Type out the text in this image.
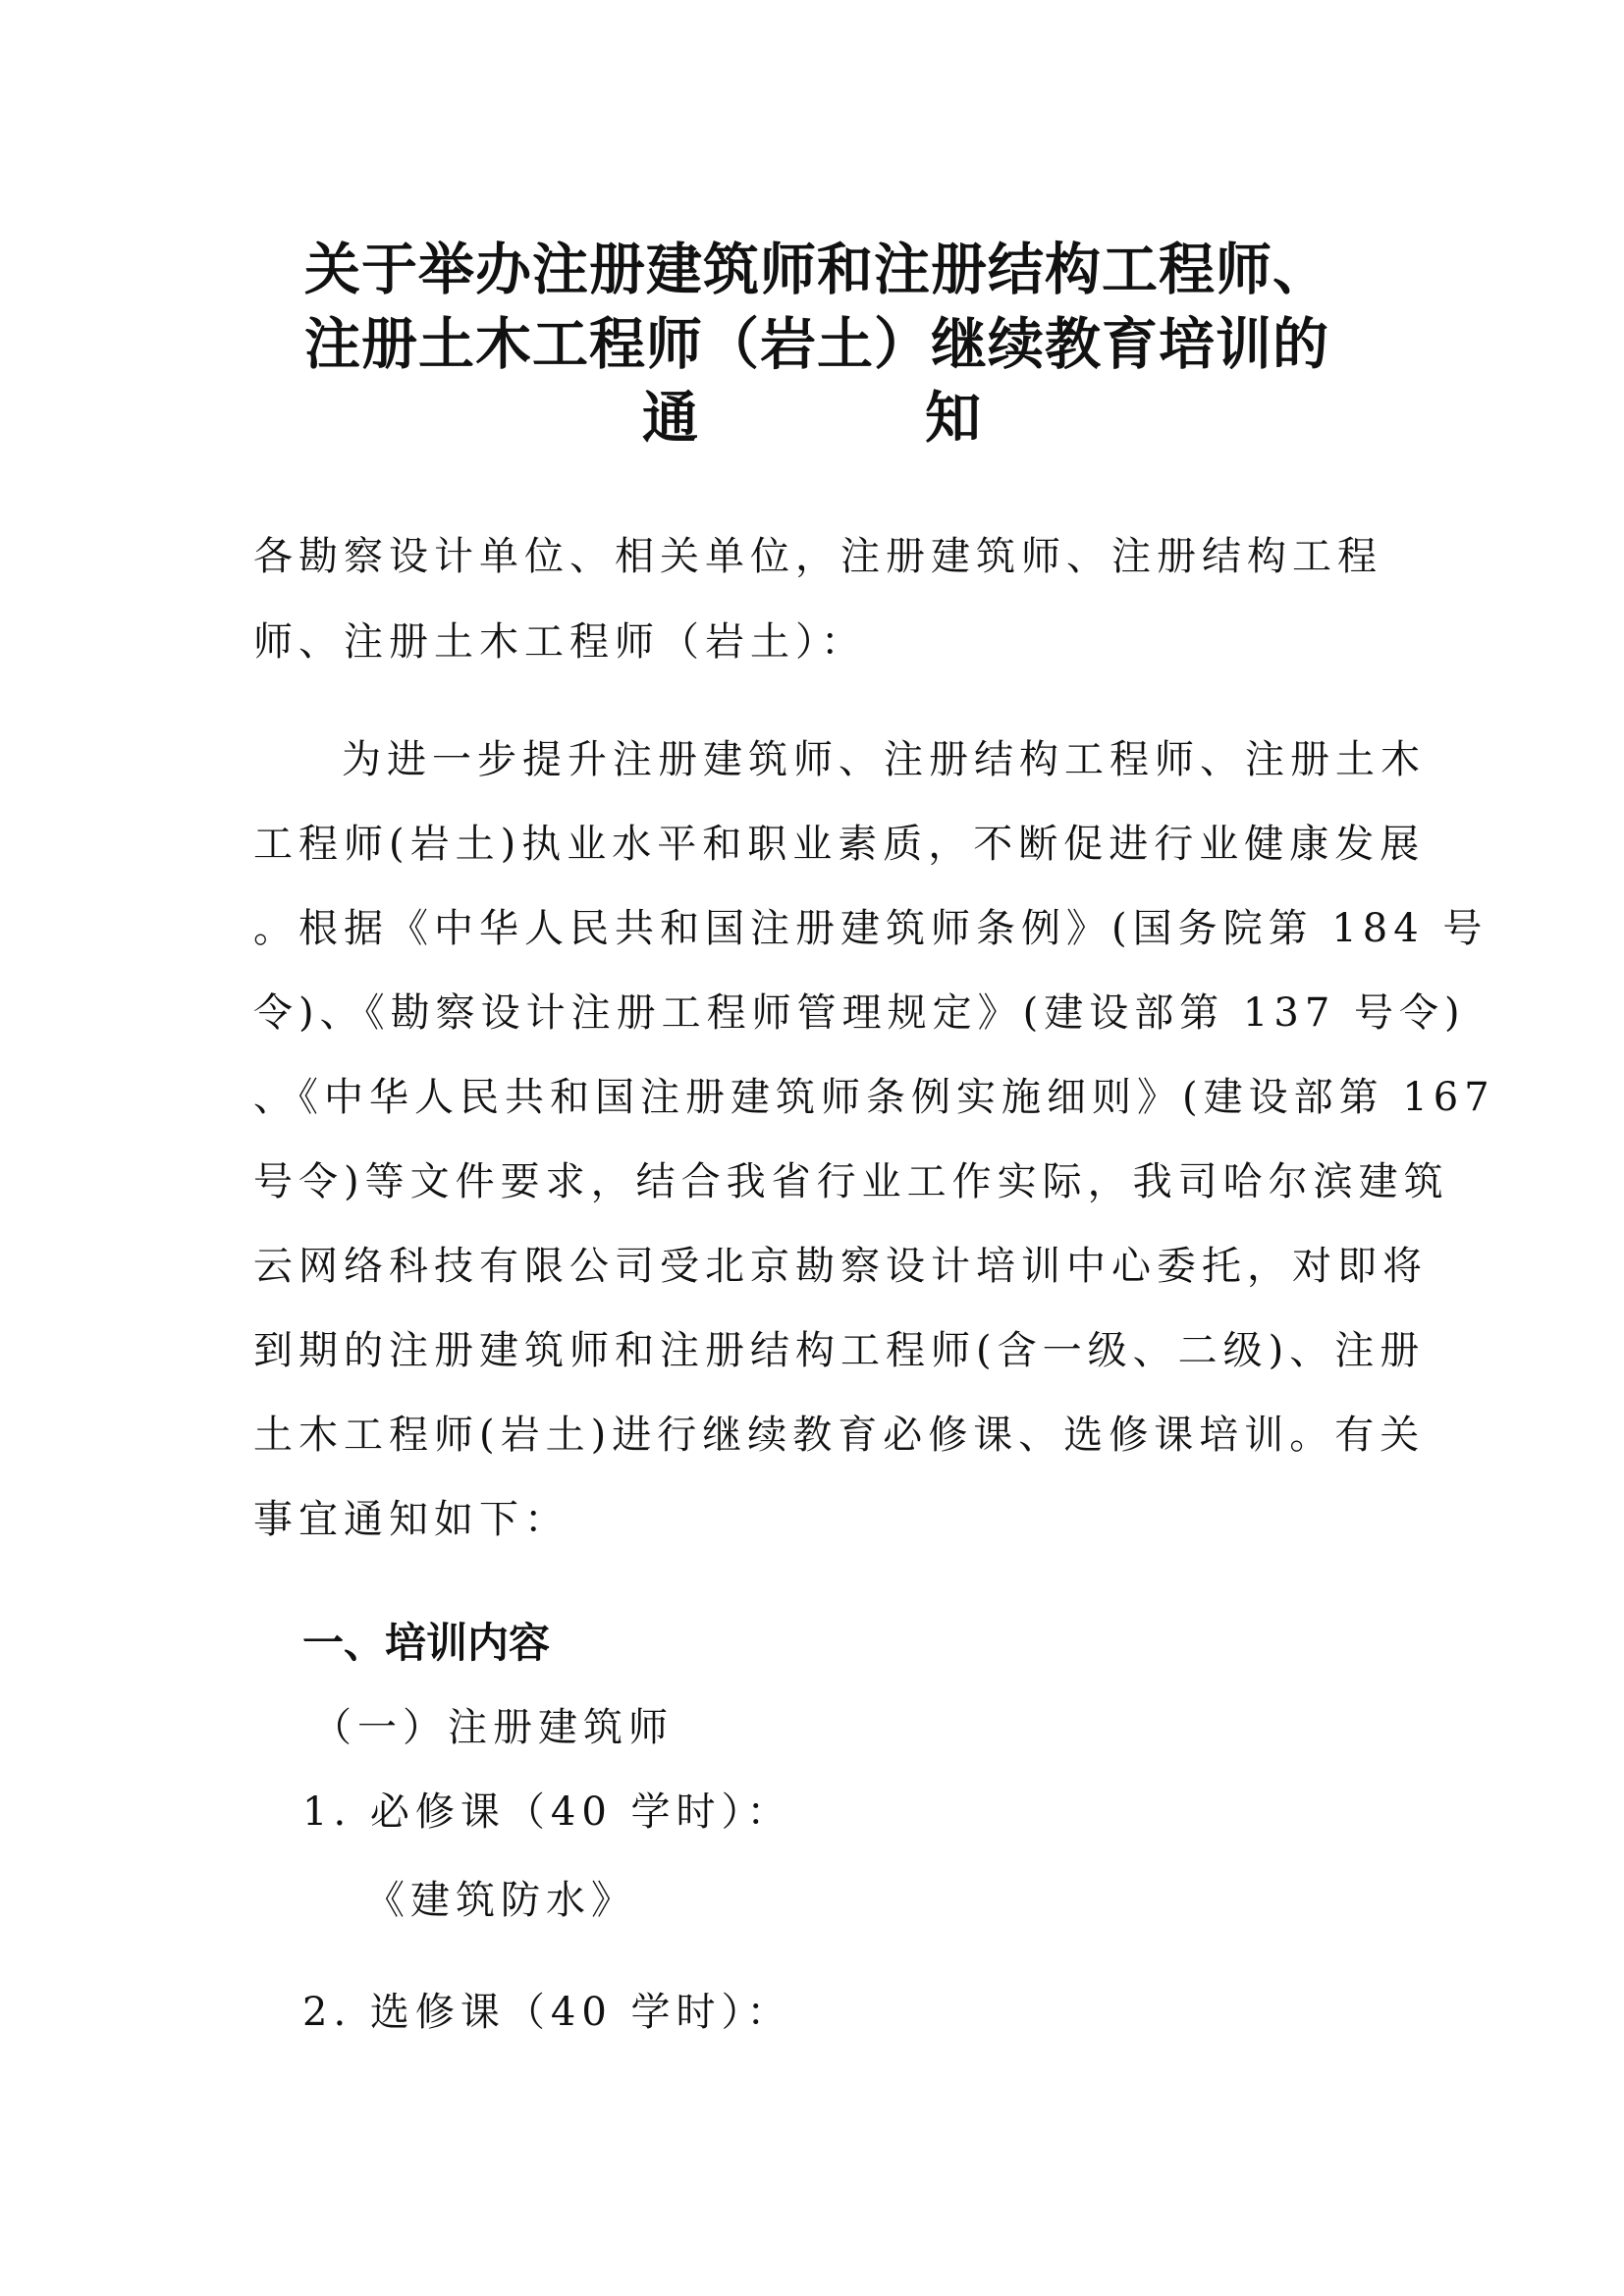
关于举办注册建筑师和注册结构工程师、
注册土木工程师（岩土）继续教育培训的
通	知
各勘察设计单位、相关单位，注册建筑师、注册结构工程
师、注册土木工程师（岩土）：
为进一步提升注册建筑师、注册结构工程师、注册土木
工程师(岩土)执业水平和职业素质，不断促进行业健康发展
。根据《中华人民共和国注册建筑师条例》(国务院第 184 号
令)、《勘察设计注册工程师管理规定》(建设部第 137 号令)
、《中华人民共和国注册建筑师条例实施细则》(建设部第 167
号令)等文件要求，结合我省行业工作实际，我司哈尔滨建筑
云网络科技有限公司受北京勘察设计培训中心委托，对即将
到期的注册建筑师和注册结构工程师(含一级、二级)、注册
土木工程师(岩土)进行继续教育必修课、选修课培训。有关
事宜通知如下：
一、培训内容
（一）注册建筑师
1. 必修课（40 学时）：
《建筑防水》
2. 选修课（40 学时）：
